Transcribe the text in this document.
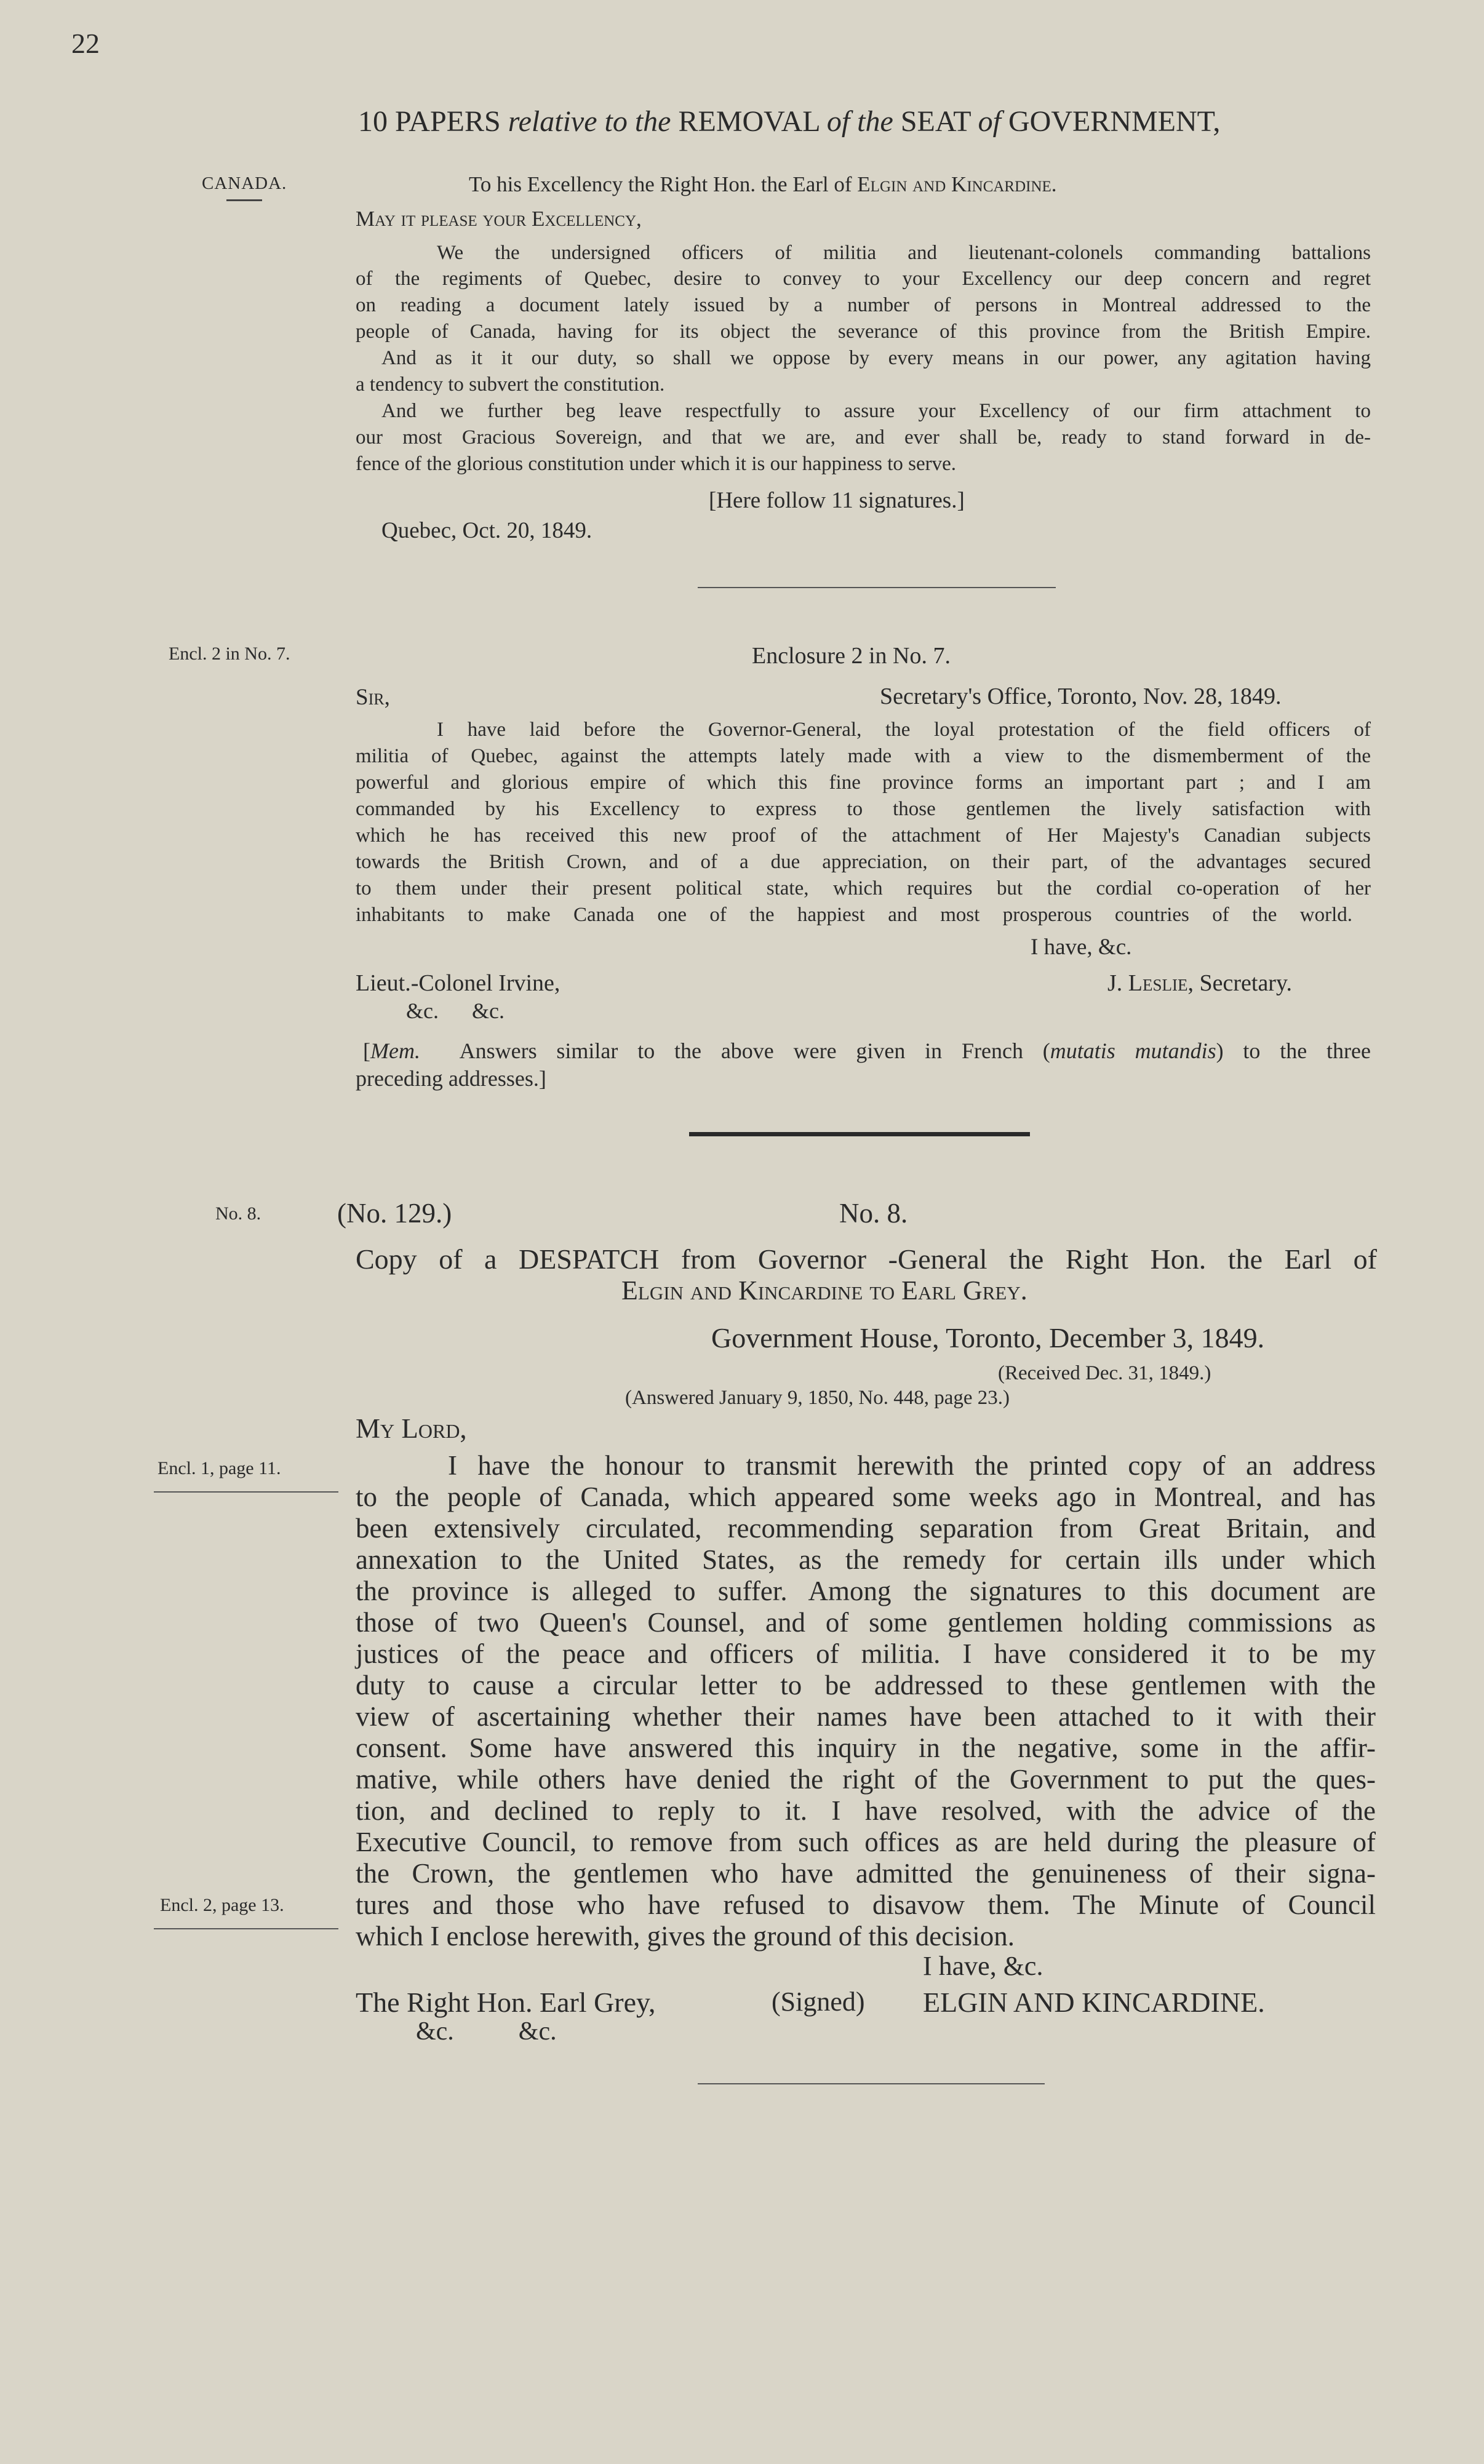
22
10 PAPERS relative to the REMOVAL of the SEAT of GOVERNMENT,
CANADA.	To his Excellency the Right Hon. the Earl of Elgin and Kincardine.
May it please your Excellency,
We the undersigned officers of militia and lieutenant-colonels commanding battalions
of the regiments of Quebec, desire to convey to your Excellency our deep concern and regret
on reading a document lately issued by a number of persons in Montreal addressed to the
people of Canada, having for its object the severance of this province from the British Empire.
And as it it our duty, so shall we oppose by every means in our power, any agitation having
a tendency to subvert the constitution.
And we further beg leave respectfully to assure your Excellency of our firm attachment to
our most Gracious Sovereign, and that we are, and ever shall be, ready to stand forward in de-
fence of the glorious constitution under which it is our happiness to serve.
[Here follow 11 signatures.]
Quebec, Oct. 20, 1849.
Encl. 2 in No. 7.	Enclosure 2 in No. 7.
Sir,	Secretary's Office, Toronto, Nov. 28, 1849.
I have laid before the Governor-General, the loyal protestation of the field officers of
militia of Quebec, against the attempts lately made with a view to the dismemberment of the
powerful and glorious empire of which this fine province forms an important part ; and I am
commanded by his Excellency to express to those gentlemen the lively satisfaction with
which he has received this new proof of the attachment of Her Majesty's Canadian subjects
towards the British Crown, and of a due appreciation, on their part, of the advantages secured
to them under their present political state, which requires but the cordial co-operation of her
inhabitants to make Canada one of the happiest and most prosperous countries of the world.
I have, &c.
Lieut.-Colonel Irvine,	J. Leslie, Secretary.
&c.      &c.
[Mem. Answers similar to the above were given in French (mutatis mutandis) to the three
preceding addresses.]
No. 8.	(No. 129.)	No. 8.
Copy of a DESPATCH from Governor -General the Right Hon. the Earl of
Elgin and Kincardine to Earl Grey.
Government House, Toronto, December 3, 1849.
(Received Dec. 31, 1849.)
(Answered January 9, 1850, No. 448, page 23.)
My Lord,
Encl. 1, page 11.
Encl. 2, page 13.
I have the honour to transmit herewith the printed copy of an address
to the people of Canada, which appeared some weeks ago in Montreal, and has
been extensively circulated, recommending separation from Great Britain, and
annexation to the United States, as the remedy for certain ills under which
the province is alleged to suffer. Among the signatures to this document are
those of two Queen's Counsel, and of some gentlemen holding commissions as
justices of the peace and officers of militia. I have considered it to be my
duty to cause a circular letter to be addressed to these gentlemen with the
view of ascertaining whether their names have been attached to it with their
consent. Some have answered this inquiry in the negative, some in the affir-
mative, while others have denied the right of the Government to put the ques-
tion, and declined to reply to it. I have resolved, with the advice of the
Executive Council, to remove from such offices as are held during the pleasure of
the Crown, the gentlemen who have admitted the genuineness of their signa-
tures and those who have refused to disavow them. The Minute of Council
which I enclose herewith, gives the ground of this decision.
I have, &c.
The Right Hon. Earl Grey,	(Signed) ELGIN AND KINCARDINE.
&c.          &c.
